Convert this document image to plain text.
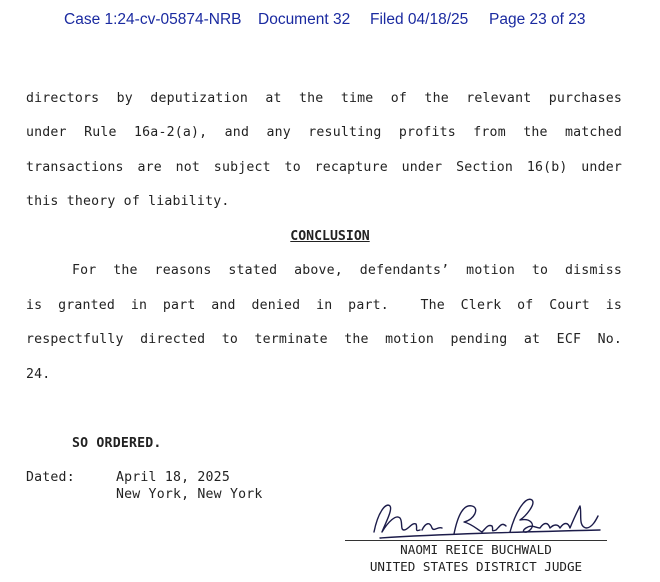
Case 1:24-cv-05874-NRB Document 32 Filed 04/18/25 Page 23 of 23
directors by deputization at the time of the relevant purchases
under Rule 16a-2(a), and any resulting profits from the matched
transactions are not subject to recapture under Section 16(b) under
this theory of liability.
CONCLUSION
For the reasons stated above, defendants’ motion to dismiss
is granted in part and denied in part.  The Clerk of Court is
respectfully directed to terminate the motion pending at ECF No.
24.
SO ORDERED.
Dated:	April 18, 2025
New York, New York
NAOMI REICE BUCHWALD
UNITED STATES DISTRICT JUDGE
